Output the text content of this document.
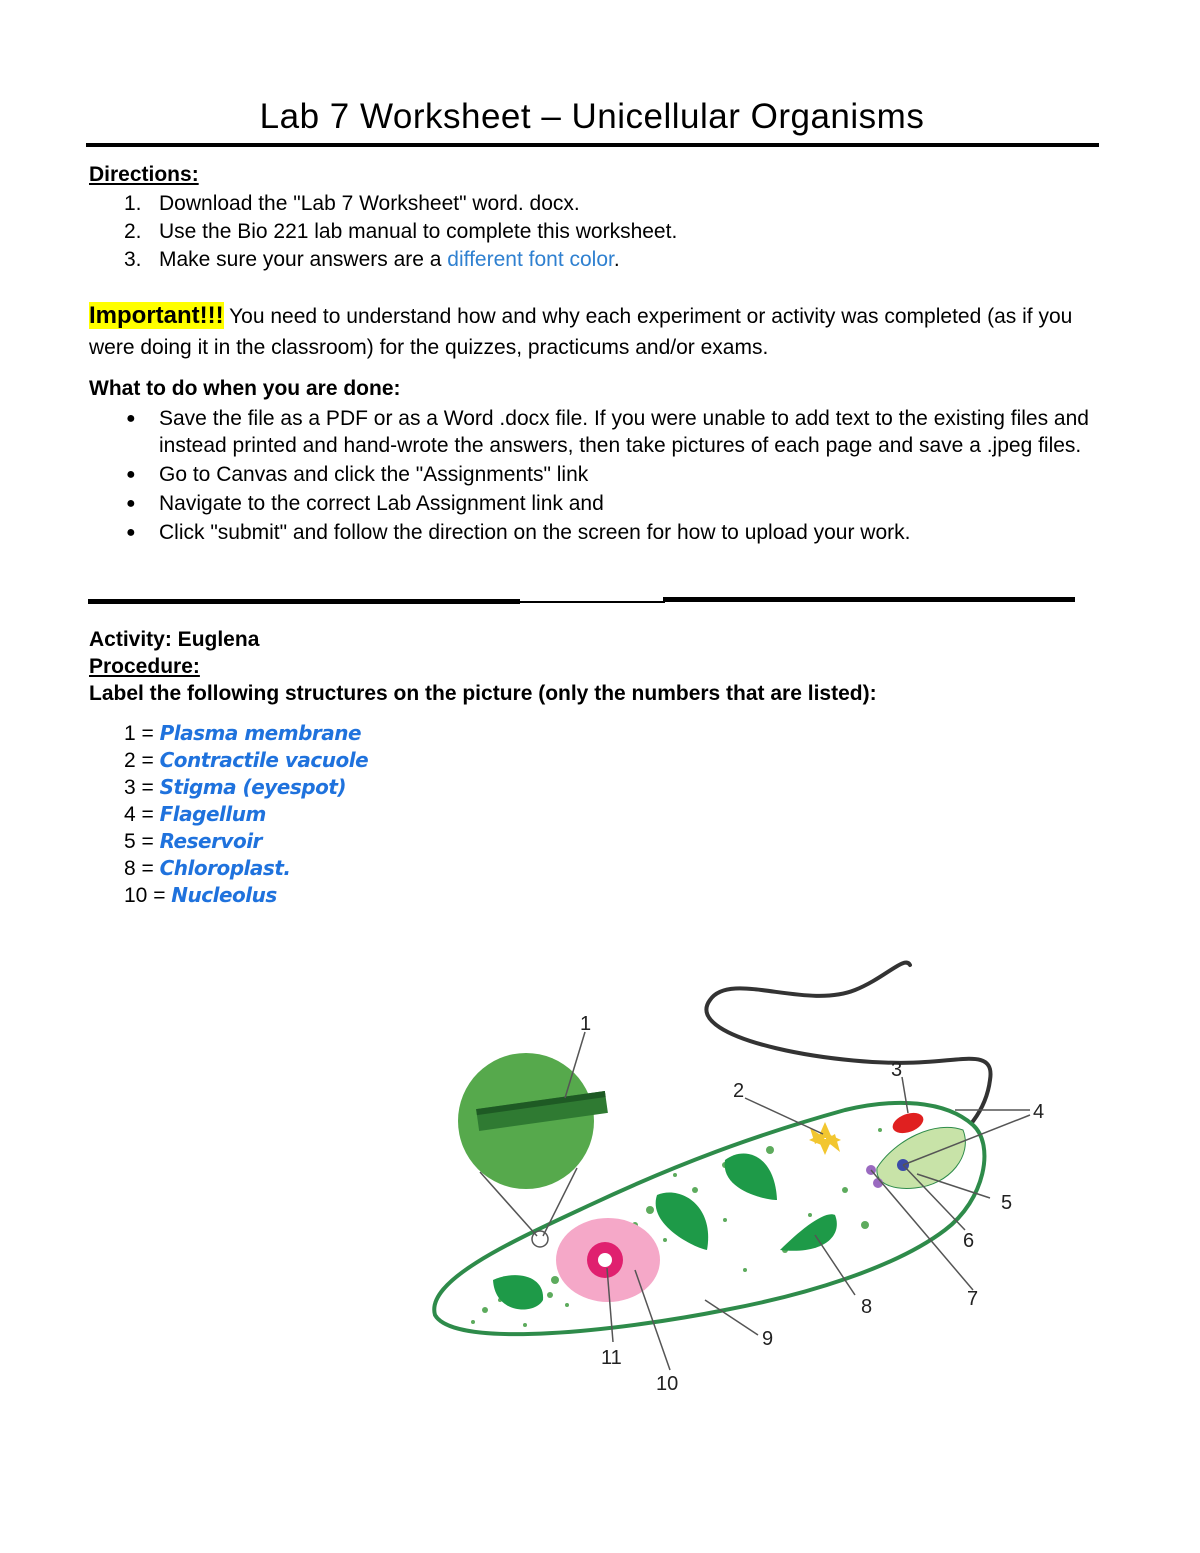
Lab 7 Worksheet – Unicellular Organisms
Directions:
1. Download the "Lab 7 Worksheet" word. docx.
2. Use the Bio 221 lab manual to complete this worksheet.
3. Make sure your answers are a different font color.
Important!!! You need to understand how and why each experiment or activity was completed (as if you were doing it in the classroom) for the quizzes, practicums and/or exams.
What to do when you are done:
●	Save the file as a PDF or as a Word .docx file. If you were unable to add text to the existing files and instead printed and hand-wrote the answers, then take pictures of each page and save a .jpeg files.
●	Go to Canvas and click the "Assignments" link
●	Navigate to the correct Lab Assignment link and
●	Click "submit" and follow the direction on the screen for how to upload your work.
Activity: Euglena
Procedure:
Label the following structures on the picture (only the numbers that are listed):
1 = Plasma membrane
2 = Contractile vacuole
3 = Stigma (eyespot)
4 = Flagellum
5 = Reservoir
8 = Chloroplast.
10 = Nucleolus
1
2
3
4
5
6
7
8
9
10
11
